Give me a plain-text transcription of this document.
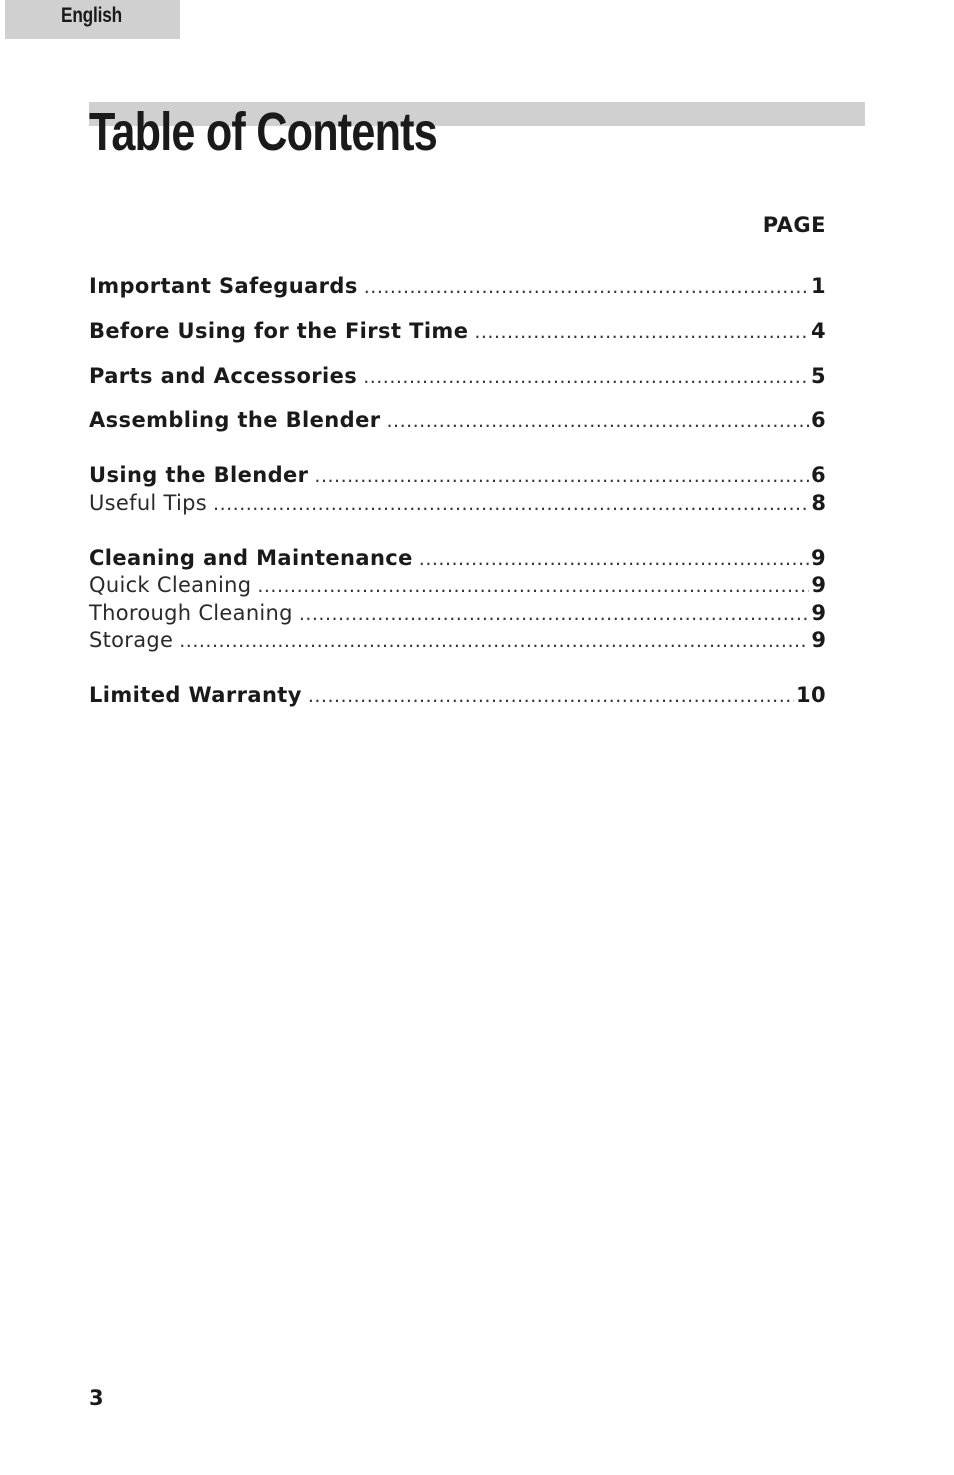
English
Table of Contents
PAGE
Important Safeguards .....	1
Before Using for the First Time .....	4
Parts and Accessories .....	5
Assembling the Blender .....	6
Using the Blender .....	6
Useful Tips .....	8
Cleaning and Maintenance .....	9
Quick Cleaning .....	9
Thorough Cleaning .....	9
Storage .....	9
Limited Warranty .....	10
3
